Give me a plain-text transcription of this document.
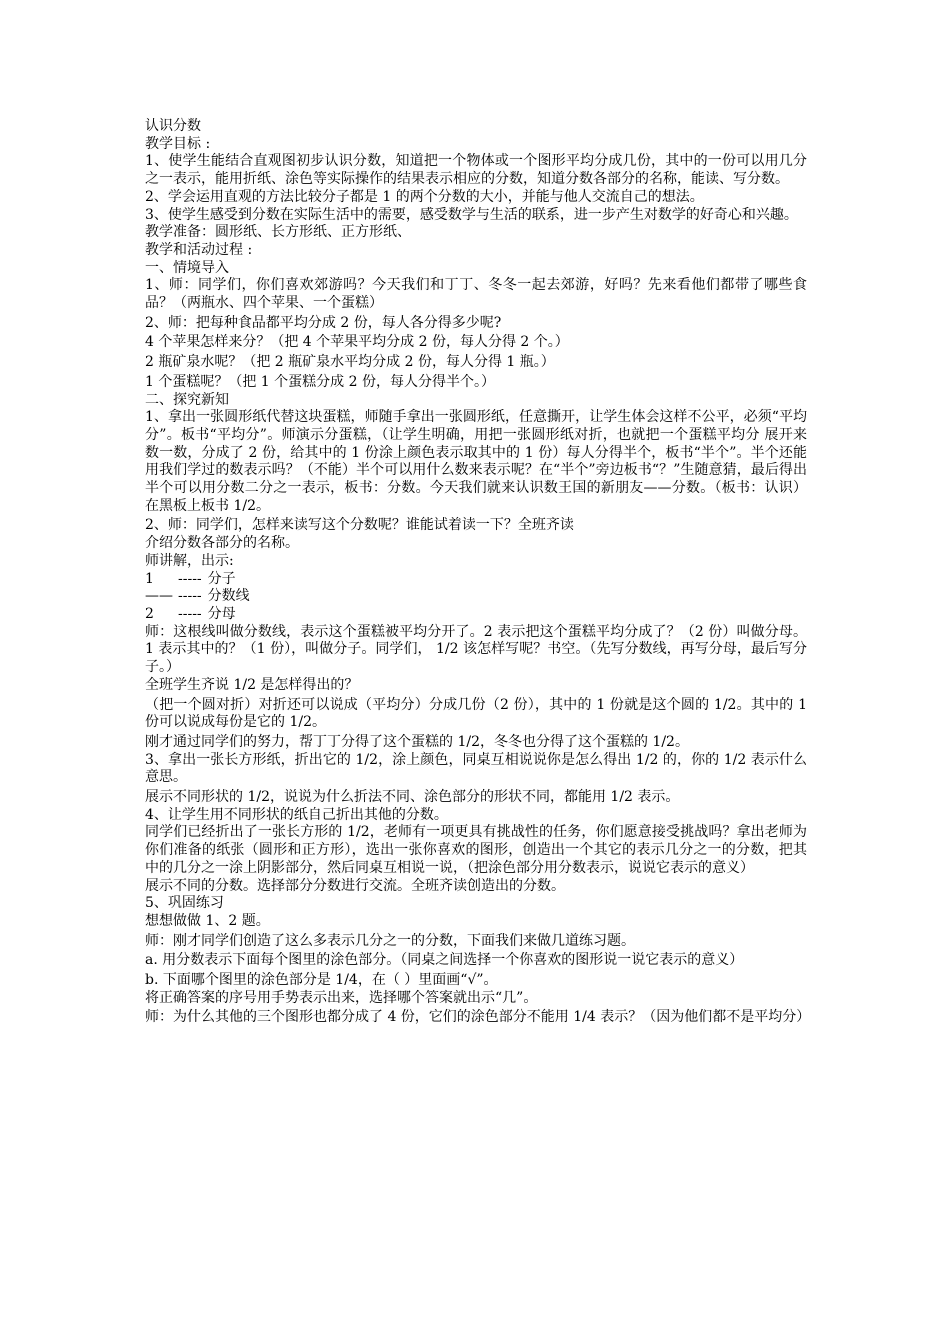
认识分数

教学目标 :

1、使学生能结合直观图初步认识分数，知道把一个物体或一个图形平均分成几份，其中的一份可以用几分之一表示，能用折纸、涂色等实际操作的结果表示相应的分数，知道分数各部分的名称，能读、写分数。

2、学会运用直观的方法比较分子都是 1 的两个分数的大小，并能与他人交流自己的想法。

3、使学生感受到分数在实际生活中的需要，感受数学与生活的联系，进一步产生对数学的好奇心和兴趣。

教学准备：圆形纸、长方形纸、正方形纸、

教学和活动过程 :

一、情境导入

1、师：同学们，你们喜欢郊游吗？今天我们和丁丁、冬冬一起去郊游，好吗？先来看他们都带了哪些食品？（两瓶水、四个苹果、一个蛋糕）

2、师：把每种食品都平均分成 2 份，每人各分得多少呢?

4 个苹果怎样来分？（把 4 个苹果平均分成 2 份，每人分得 2 个。）

2 瓶矿泉水呢？（把 2 瓶矿泉水平均分成 2 份，每人分得 1 瓶。）

1 个蛋糕呢？（把 1 个蛋糕分成 2 份，每人分得半个。）

二、探究新知

1、拿出一张圆形纸代替这块蛋糕，师随手拿出一张圆形纸，任意撕开，让学生体会这样不公平，必须“平均分”。板书“平均分”。师演示分蛋糕，（让学生明确，用把一张圆形纸对折，也就把一个蛋糕平均分 展开来数一数，分成了 2 份，给其中的 1 份涂上颜色表示取其中的 1 份）每人分得半个，板书“半个”。半个还能用我们学过的数表示吗？（不能）半个可以用什么数来表示呢？在“半个”旁边板书“？”生随意猜，最后得出半个可以用分数二分之一表示，板书：分数。今天我们就来认识数王国的新朋友——分数。（板书：认识）在黑板上板书 1/2。

2、师：同学们，怎样来读写这个分数呢？谁能试着读一下？全班齐读

介绍分数各部分的名称。

师讲解，出示:

1	----- 分子
—— ----- 分数线
2	----- 分母

师：这根线叫做分数线，表示这个蛋糕被平均分开了。2 表示把这个蛋糕平均分成了？（2 份）叫做分母。1 表示其中的？（1 份），叫做分子。同学们， 1/2 该怎样写呢？书空。（先写分数线，再写分母，最后写分子。）

全班学生齐说 1/2 是怎样得出的？

（把一个圆对折）对折还可以说成（平均分）分成几份（2 份），其中的 1 份就是这个圆的 1/2。其中的 1 份可以说成每份是它的 1/2。

刚才通过同学们的努力，帮丁丁分得了这个蛋糕的 1/2，冬冬也分得了这个蛋糕的 1/2。

3、拿出一张长方形纸，折出它的 1/2，涂上颜色，同桌互相说说你是怎么得出 1/2 的，你的 1/2 表示什么意思。

展示不同形状的 1/2，说说为什么折法不同、涂色部分的形状不同，都能用 1/2 表示。

4、让学生用不同形状的纸自己折出其他的分数。

同学们已经折出了一张长方形的 1/2，老师有一项更具有挑战性的任务，你们愿意接受挑战吗？拿出老师为你们准备的纸张（圆形和正方形），选出一张你喜欢的图形，创造出一个其它的表示几分之一的分数，把其中的几分之一涂上阴影部分，然后同桌互相说一说，（把涂色部分用分数表示，说说它表示的意义）

展示不同的分数。选择部分分数进行交流。全班齐读创造出的分数。

5、巩固练习

想想做做 1、2 题。

师：刚才同学们创造了这么多表示几分之一的分数，下面我们来做几道练习题。

a. 用分数表示下面每个图里的涂色部分。（同桌之间选择一个你喜欢的图形说一说它表示的意义）

b. 下面哪个图里的涂色部分是 1/4，在（ ）里面画“√”。

将正确答案的序号用手势表示出来，选择哪个答案就出示“几”。

师：为什么其他的三个图形也都分成了 4 份，它们的涂色部分不能用 1/4 表示？（因为他们都不是平均分）
